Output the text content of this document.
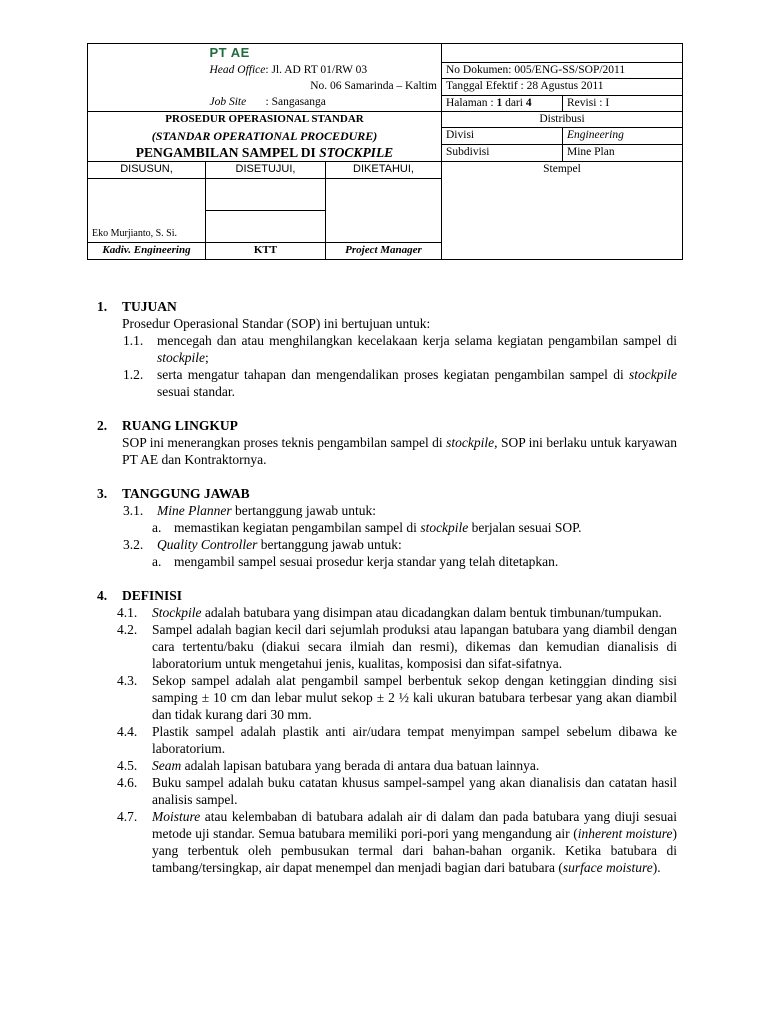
	PT AE			
	Head Office: Jl. AD RT 01/RW 03		No Dokumen: 005/ENG-SS/SOP/2011	
	No. 06 Samarinda – Kaltim		Tanggal Efektif : 28 Agustus 2011	
	Job Site : Sangasanga		Halaman : 1 dari 4	Revisi : I
PROSEDUR OPERASIONAL STANDAR			Distribusi	
(STANDAR OPERATIONAL PROCEDURE)			Divisi	Engineering
PENGAMBILAN SAMPEL DI STOCKPILE			Subdivisi	Mine Plan
DISUSUN,	DISETUJUI,	DIKETAHUI,	Stempel	

Eko Murjianto, S. Si.				
Kadiv. Engineering	KTT	Project Manager		
1.	TUJUAN
Prosedur Operasional Standar (SOP) ini bertujuan untuk:
1.1.	mencegah dan atau menghilangkan kecelakaan kerja selama kegiatan pengambilan sampel di stockpile;
1.2.	serta mengatur tahapan dan mengendalikan proses kegiatan pengambilan sampel di stockpile sesuai standar.
2.	RUANG LINGKUP
SOP ini menerangkan proses teknis pengambilan sampel di stockpile, SOP ini berlaku untuk karyawan PT AE dan Kontraktornya.
3.	TANGGUNG JAWAB
3.1.	Mine Planner bertanggung jawab untuk:
a. memastikan kegiatan pengambilan sampel di stockpile berjalan sesuai SOP.
3.2.	Quality Controller bertanggung jawab untuk:
a. mengambil sampel sesuai prosedur kerja standar yang telah ditetapkan.
4.	DEFINISI
4.1.	Stockpile adalah batubara yang disimpan atau dicadangkan dalam bentuk timbunan/tumpukan.
4.2.	Sampel adalah bagian kecil dari sejumlah produksi atau lapangan batubara yang diambil dengan cara tertentu/baku (diakui secara ilmiah dan resmi), dikemas dan kemudian dianalisis di laboratorium untuk mengetahui jenis, kualitas, komposisi dan sifat-sifatnya.
4.3.	Sekop sampel adalah alat pengambil sampel berbentuk sekop dengan ketinggian dinding sisi samping ± 10 cm dan lebar mulut sekop ± 2 ½ kali ukuran batubara terbesar yang akan diambil dan tidak kurang dari 30 mm.
4.4.	Plastik sampel adalah plastik anti air/udara tempat menyimpan sampel sebelum dibawa ke laboratorium.
4.5.	Seam adalah lapisan batubara yang berada di antara dua batuan lainnya.
4.6.	Buku sampel adalah buku catatan khusus sampel-sampel yang akan dianalisis dan catatan hasil analisis sampel.
4.7.	Moisture atau kelembaban di batubara adalah air di dalam dan pada batubara yang diuji sesuai metode uji standar. Semua batubara memiliki pori-pori yang mengandung air (inherent moisture) yang terbentuk oleh pembusukan termal dari bahan-bahan organik. Ketika batubara di tambang/tersingkap, air dapat menempel dan menjadi bagian dari batubara (surface moisture).
